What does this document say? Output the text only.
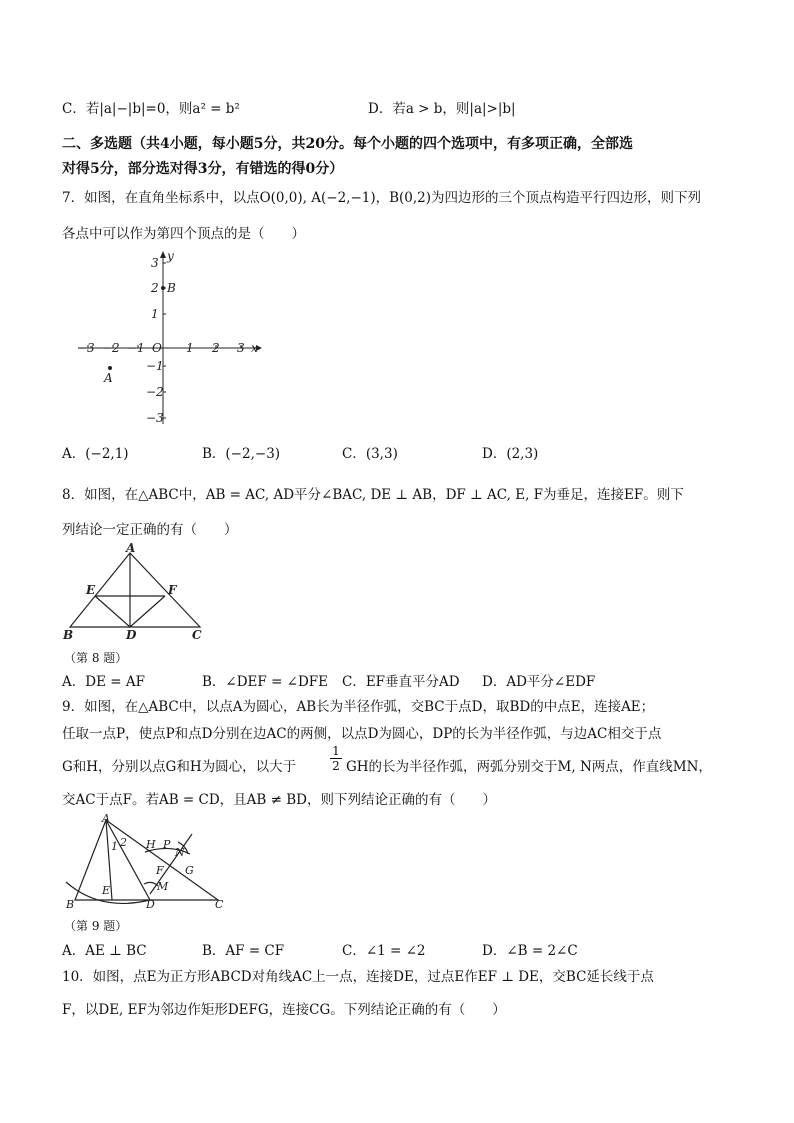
C．若|a|−|b|=0，则a² = b²	D．若a > b，则|a|>|b|
二、多选题（共4小题，每小题5分，共20分。每个小题的四个选项中，有多项正确，全部选
对得5分，部分选对得3分，有错选的得0分）
7．如图，在直角坐标系中，以点O(0,0), A(−2,−1)，B(0,2)为四边形的三个顶点构造平行四边形，则下列
各点中可以作为第四个顶点的是（　　）
−3 −2 −1	1 2 3 x
3
2
1
−1
−2
−3
y
O
B
A
A．(−2,1)	B．(−2,−3)	C．(3,3)	D．(2,3)
8．如图，在△ABC中，AB = AC, AD平分∠BAC, DE ⊥ AB，DF ⊥ AC, E, F为垂足，连接EF。则下
列结论一定正确的有（　　）
A
B	C
D
E	F
（第 8 题）
A．DE = AF	B．∠DEF = ∠DFE C．EF垂直平分AD D．AD平分∠EDF
9．如图，在△ABC中，以点A为圆心，AB长为半径作弧，交BC于点D，取BD的中点E，连接AE；
任取一点P，使点P和点D分别在边AC的两侧，以点D为圆心，DP的长为半径作弧，与边AC相交于点
G和H，分别以点G和H为圆心，以大于	$\frac{1}{2}$ GH的长为半径作弧，两弧分别交于M, N两点，作直线MN，
交AC于点F。若AB = CD，且AB ≠ BD，则下列结论正确的有（　　）
A
B	C
D
E
F G
H P
N
M
1 2
（第 9 题）
A．AE ⊥ BC	B．AF = CF	C．∠1 = ∠2	D．∠B = 2∠C
10．如图，点E为正方形ABCD对角线AC上一点，连接DE，过点E作EF ⊥ DE，交BC延长线于点
F，以DE, EF为邻边作矩形DEFG，连接CG。下列结论正确的有（　　）
